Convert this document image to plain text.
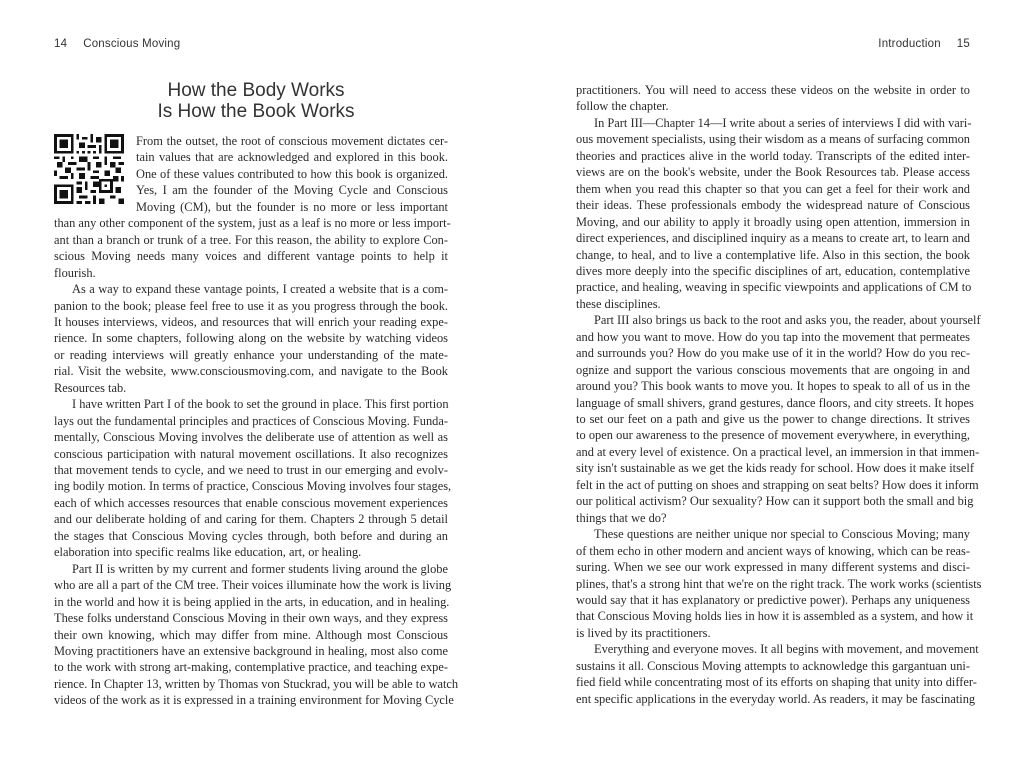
14 Conscious Moving
How the Body Works
Is How the Book Works
From the outset, the root of conscious movement dictates cer-
tain values that are acknowledged and explored in this book.
One of these values contributed to how this book is organized.
Yes, I am the founder of the Moving Cycle and Conscious
Moving (CM), but the founder is no more or less important
than any other component of the system, just as a leaf is no more or less import-
ant than a branch or trunk of a tree. For this reason, the ability to explore Con-
scious Moving needs many voices and different vantage points to help it
flourish.
As a way to expand these vantage points, I created a website that is a com-
panion to the book; please feel free to use it as you progress through the book.
It houses interviews, videos, and resources that will enrich your reading expe-
rience. In some chapters, following along on the website by watching videos
or reading interviews will greatly enhance your understanding of the mate-
rial. Visit the website, www.consciousmoving.com, and navigate to the Book
Resources tab.
I have written Part I of the book to set the ground in place. This first portion
lays out the fundamental principles and practices of Conscious Moving. Funda-
mentally, Conscious Moving involves the deliberate use of attention as well as
conscious participation with natural movement oscillations. It also recognizes
that movement tends to cycle, and we need to trust in our emerging and evolv-
ing bodily motion. In terms of practice, Conscious Moving involves four stages,
each of which accesses resources that enable conscious movement experiences
and our deliberate holding of and caring for them. Chapters 2 through 5 detail
the stages that Conscious Moving cycles through, both before and during an
elaboration into specific realms like education, art, or healing.
Part II is written by my current and former students living around the globe
who are all a part of the CM tree. Their voices illuminate how the work is living
in the world and how it is being applied in the arts, in education, and in healing.
These folks understand Conscious Moving in their own ways, and they express
their own knowing, which may differ from mine. Although most Conscious
Moving practitioners have an extensive background in healing, most also come
to the work with strong art-making, contemplative practice, and teaching expe-
rience. In Chapter 13, written by Thomas von Stuckrad, you will be able to watch
videos of the work as it is expressed in a training environment for Moving Cycle
Introduction 15
practitioners. You will need to access these videos on the website in order to
follow the chapter.
In Part III—Chapter 14—I write about a series of interviews I did with vari-
ous movement specialists, using their wisdom as a means of surfacing common
theories and practices alive in the world today. Transcripts of the edited inter-
views are on the book's website, under the Book Resources tab. Please access
them when you read this chapter so that you can get a feel for their work and
their ideas. These professionals embody the widespread nature of Conscious
Moving, and our ability to apply it broadly using open attention, immersion in
direct experiences, and disciplined inquiry as a means to create art, to learn and
change, to heal, and to live a contemplative life. Also in this section, the book
dives more deeply into the specific disciplines of art, education, contemplative
practice, and healing, weaving in specific viewpoints and applications of CM to
these disciplines.
Part III also brings us back to the root and asks you, the reader, about yourself
and how you want to move. How do you tap into the movement that permeates
and surrounds you? How do you make use of it in the world? How do you rec-
ognize and support the various conscious movements that are ongoing in and
around you? This book wants to move you. It hopes to speak to all of us in the
language of small shivers, grand gestures, dance floors, and city streets. It hopes
to set our feet on a path and give us the power to change directions. It strives
to open our awareness to the presence of movement everywhere, in everything,
and at every level of existence. On a practical level, an immersion in that immen-
sity isn't sustainable as we get the kids ready for school. How does it make itself
felt in the act of putting on shoes and strapping on seat belts? How does it inform
our political activism? Our sexuality? How can it support both the small and big
things that we do?
These questions are neither unique nor special to Conscious Moving; many
of them echo in other modern and ancient ways of knowing, which can be reas-
suring. When we see our work expressed in many different systems and disci-
plines, that's a strong hint that we're on the right track. The work works (scientists
would say that it has explanatory or predictive power). Perhaps any uniqueness
that Conscious Moving holds lies in how it is assembled as a system, and how it
is lived by its practitioners.
Everything and everyone moves. It all begins with movement, and movement
sustains it all. Conscious Moving attempts to acknowledge this gargantuan uni-
fied field while concentrating most of its efforts on shaping that unity into differ-
ent specific applications in the everyday world. As readers, it may be fascinating
